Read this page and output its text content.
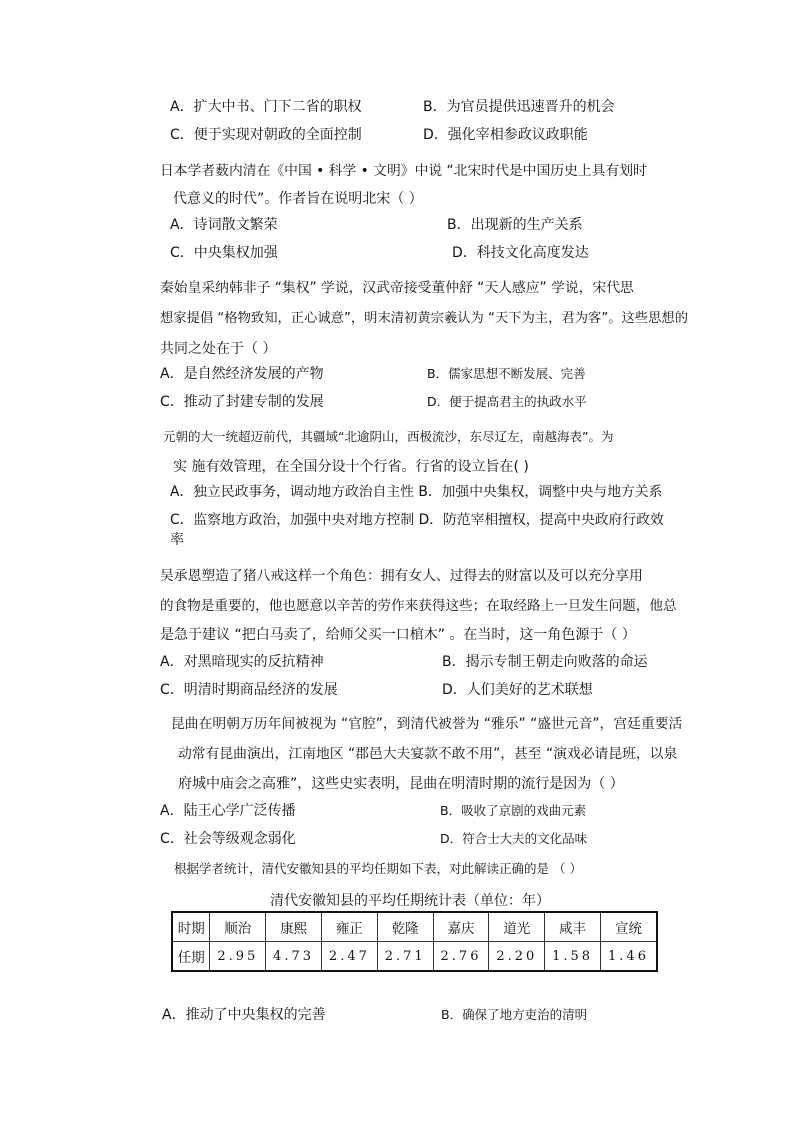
A．扩大中书、门下二省的职权	B．为官员提供迅速晋升的机会
C．便于实现对朝政的全面控制	D．强化宰相参政议政职能
日本学者薮内清在《中国 • 科学 • 文明》中说 “北宋时代是中国历史上具有划时
代意义的时代”。作者旨在说明北宋（ ）
A．诗词散文繁荣	B．出现新的生产关系
C．中央集权加强	D．科技文化高度发达
秦始皇采纳韩非子 “集权” 学说，汉武帝接受董仲舒 “天人感应” 学说，宋代思
想家提倡 “格物致知，正心诚意”，明末清初黄宗羲认为 “天下为主，君为客”。这些思想的
共同之处在于（ ）
A．是自然经济发展的产物	B．儒家思想不断发展、完善
C．推动了封建专制的发展	D．便于提高君主的执政水平
元朝的大一统超迈前代，其疆域“北逾阴山，西极流沙，东尽辽左，南越海表”。为
实 施有效管理，在全国分设十个行省。行省的设立旨在( )
A．独立民政事务，调动地方政治自主性 B．加强中央集权，调整中央与地方关系
C．监察地方政治，加强中央对地方控制 D．防范宰相擅权，提高中央政府行政效
率
吴承恩塑造了猪八戒这样一个角色：拥有女人、过得去的财富以及可以充分享用
的食物是重要的，他也愿意以辛苦的劳作来获得这些；在取经路上一旦发生问题，他总
是急于建议 “把白马卖了，给师父买一口棺木” 。在当时，这一角色源于（ ）
A．对黑暗现实的反抗精神	B．揭示专制王朝走向败落的命运
C．明清时期商品经济的发展	D．人们美好的艺术联想
昆曲在明朝万历年间被视为 “官腔”，到清代被誉为 “雅乐” “盛世元音”，宫廷重要活
动常有昆曲演出，江南地区 “郡邑大夫宴款不敢不用”，甚至 “演戏必请昆班，以泉
府城中庙会之高雅”，这些史实表明，昆曲在明清时期的流行是因为（ ）
A．陆王心学广泛传播	B．吸收了京剧的戏曲元素
C．社会等级观念弱化	D．符合士大夫的文化品味
根据学者统计，清代安徽知县的平均任期如下表，对此解读正确的是 （ ）
清代安徽知县的平均任期统计表（单位：年）
时期	顺治	康熙	雍正	乾隆	嘉庆	道光	咸丰	宣统
任期	2.95	4.73	2.47	2.71	2.76	2.20	1.58	1.46
A．推动了中央集权的完善	B．确保了地方吏治的清明
